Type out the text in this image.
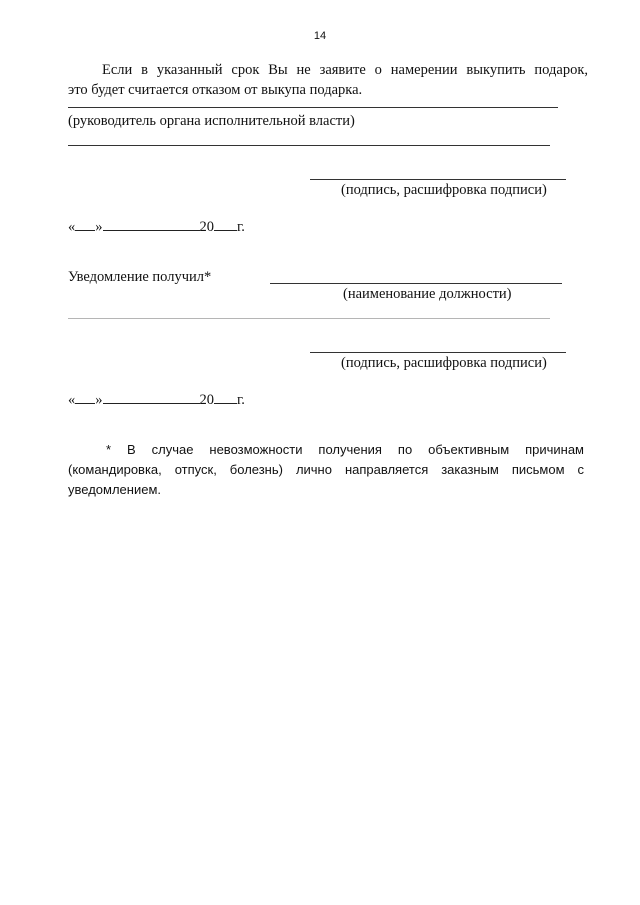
14
Если в указанный срок Вы не заявите о намерении выкупить подарок,
это будет считается отказом от выкупа подарка.
(руководитель органа исполнительной власти)
(подпись, расшифровка подписи)
« »	20 г.
Уведомление получил*
(наименование должности)
(подпись, расшифровка подписи)
« »	20 г.
* В случае невозможности получения по объективным причинам
(командировка, отпуск, болезнь) лично направляется заказным письмом с
уведомлением.
